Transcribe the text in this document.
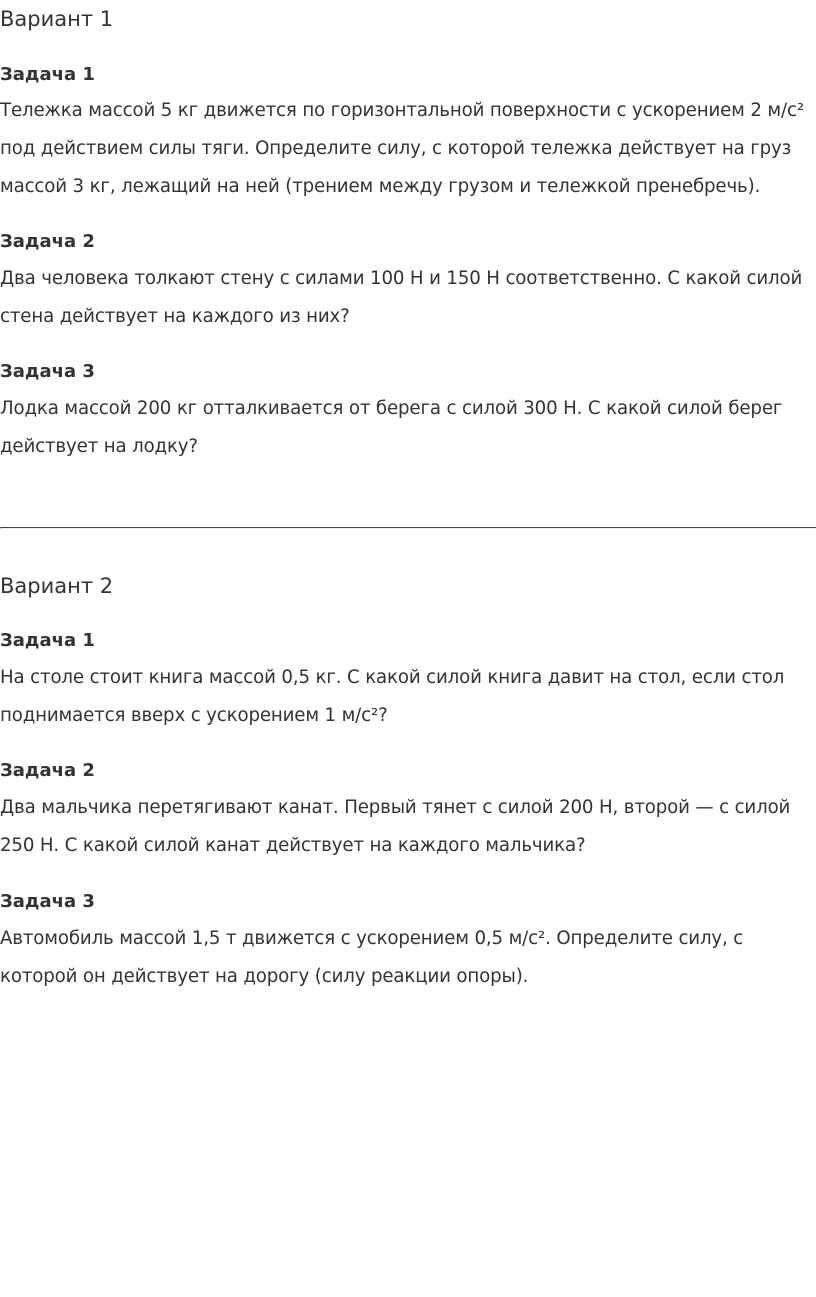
Вариант 1
Задача 1

Тележка массой 5 кг движется по горизонтальной поверхности с ускорением 2 м/с² под действием силы тяги. Определите силу, с которой тележка действует на груз массой 3 кг, лежащий на ней (трением между грузом и тележкой пренебречь).

Задача 2

Два человека толкают стену с силами 100 Н и 150 Н соответственно. С какой силой стена действует на каждого из них?

Задача 3

Лодка массой 200 кг отталкивается от берега с силой 300 Н. С какой силой берег действует на лодку?

Вариант 2
Задача 1

На столе стоит книга массой 0,5 кг. С какой силой книга давит на стол, если стол поднимается вверх с ускорением 1 м/с²?

Задача 2

Два мальчика перетягивают канат. Первый тянет с силой 200 Н, второй — с силой 250 Н. С какой силой канат действует на каждого мальчика?

Задача 3

Автомобиль массой 1,5 т движется с ускорением 0,5 м/с². Определите силу, с которой он действует на дорогу (силу реакции опоры).
